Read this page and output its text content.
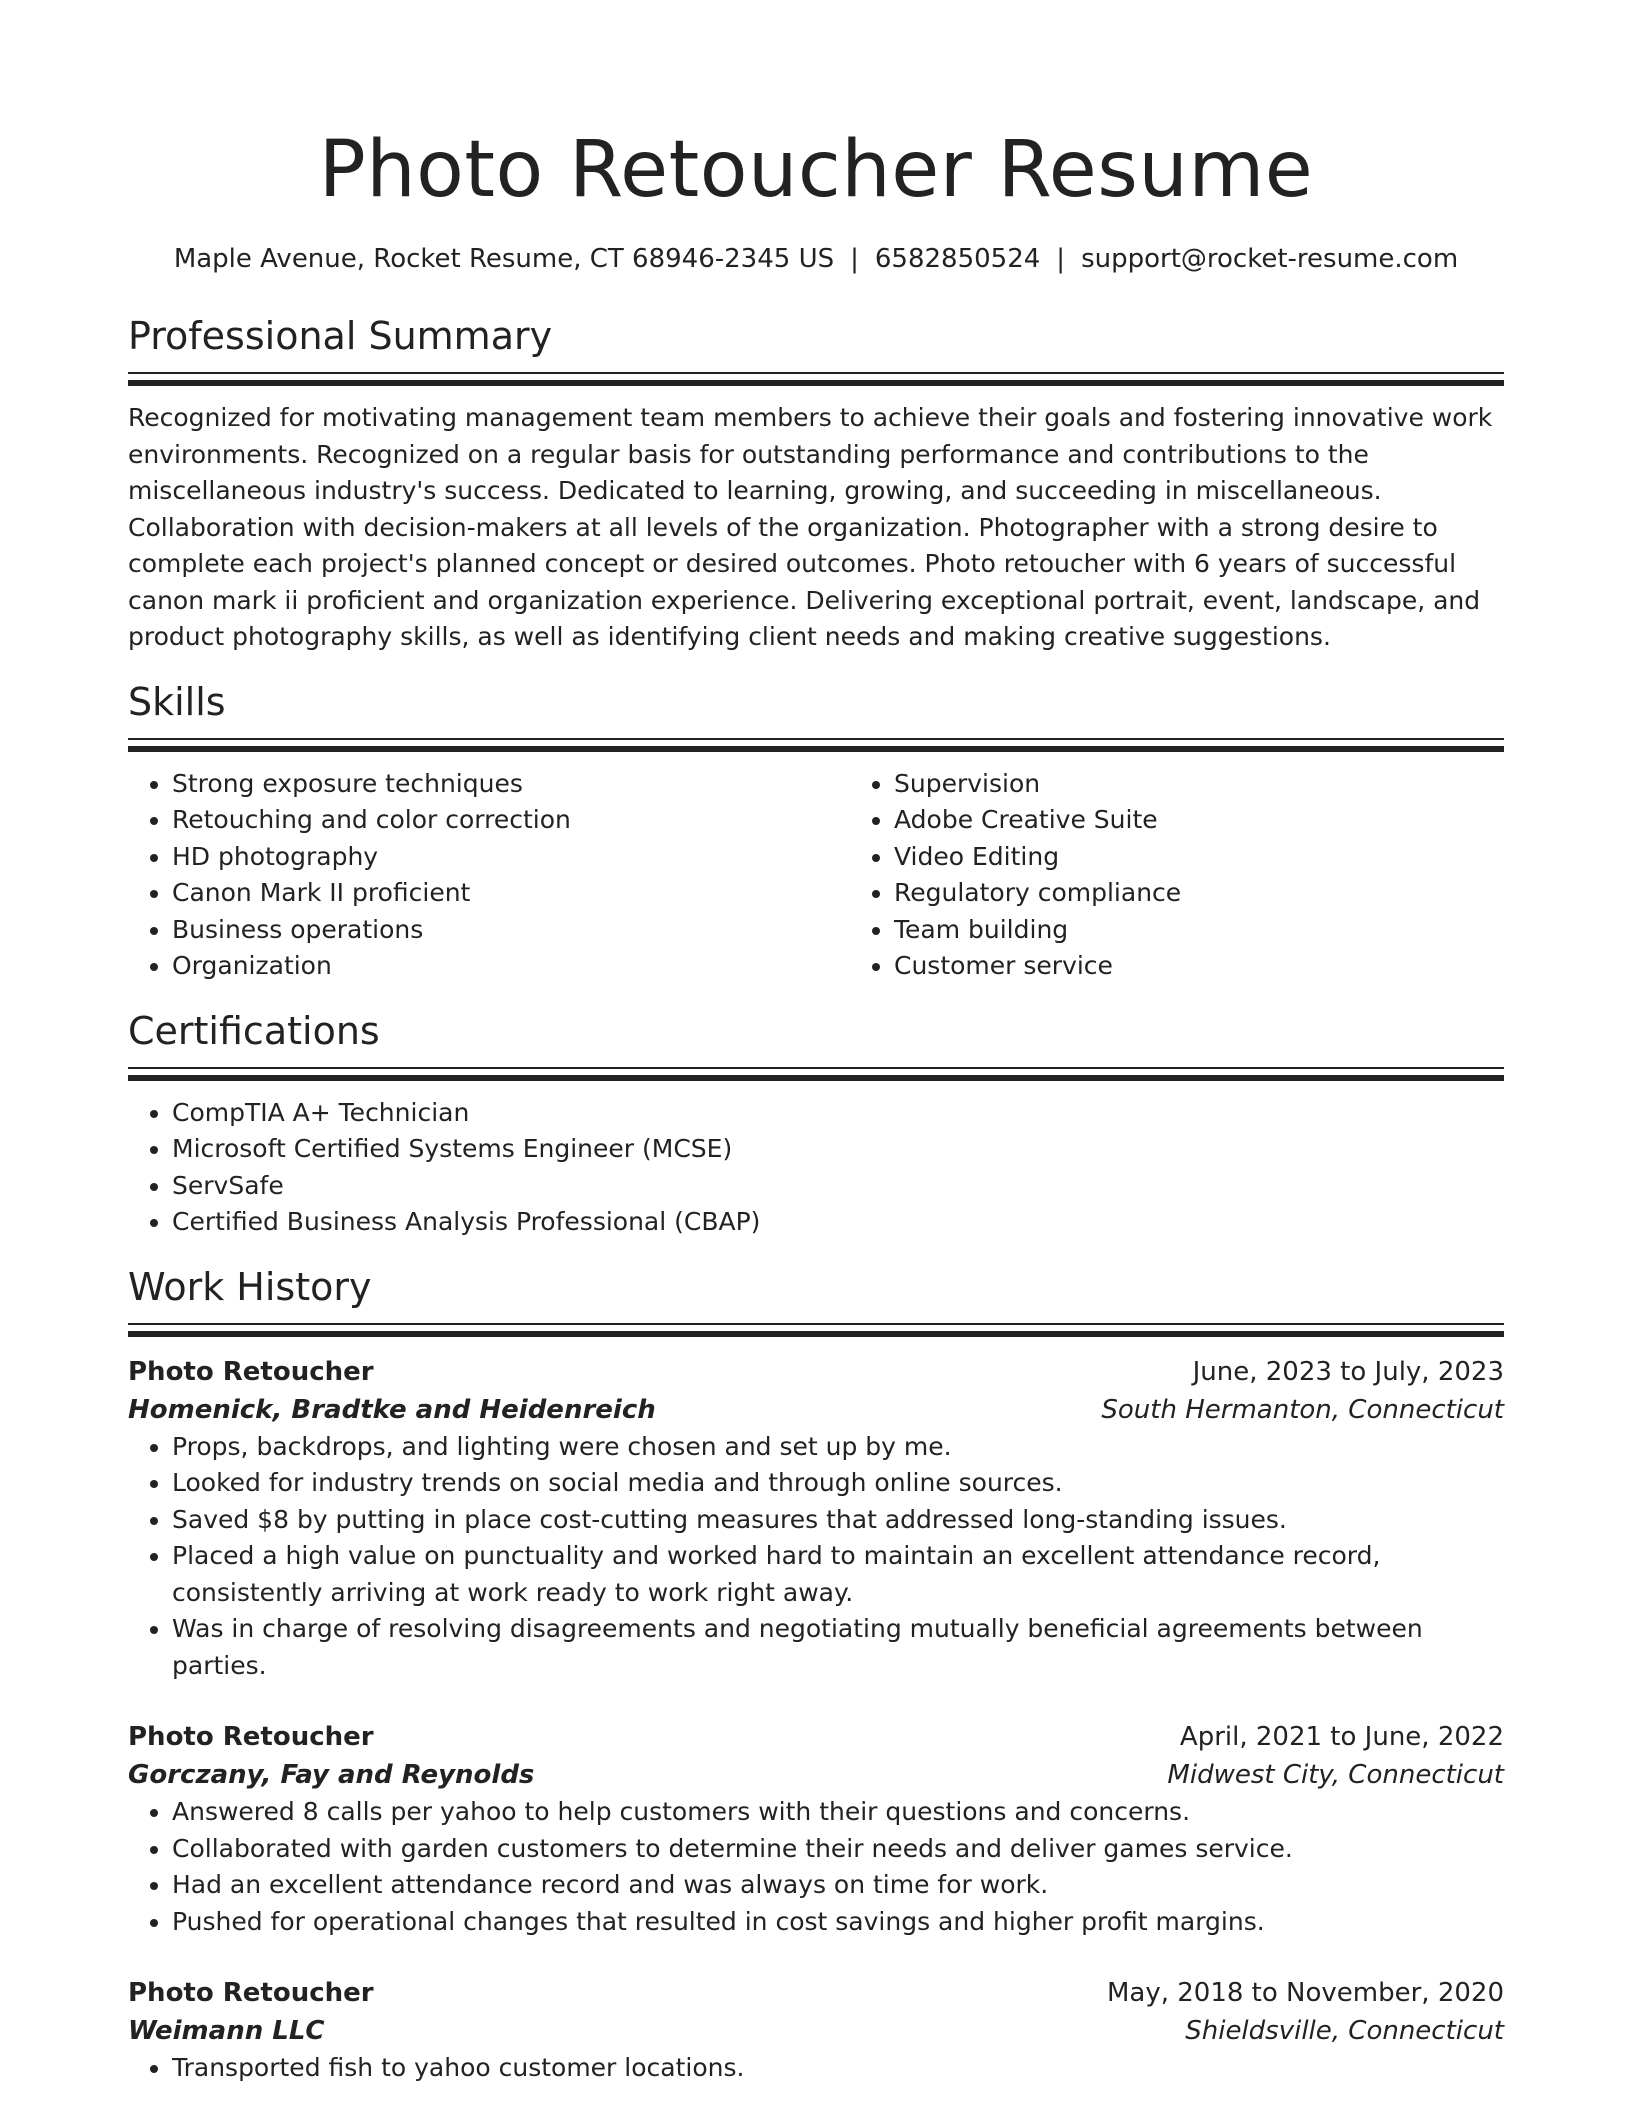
Photo Retoucher Resume
Maple Avenue, Rocket Resume, CT 68946-2345 US | 6582850524 | support@rocket-resume.com
Professional Summary

Recognized for motivating management team members to achieve their goals and fostering innovative work environments. Recognized on a regular basis for outstanding performance and contributions to the miscellaneous industry's success. Dedicated to learning, growing, and succeeding in miscellaneous. Collaboration with decision-makers at all levels of the organization. Photographer with a strong desire to complete each project's planned concept or desired outcomes. Photo retoucher with 6 years of successful canon mark ii proficient and organization experience. Delivering exceptional portrait, event, landscape, and product photography skills, as well as identifying client needs and making creative suggestions.

Skills
• Strong exposure techniques
• Retouching and color correction
• HD photography
• Canon Mark II proficient
• Business operations
• Organization
• Supervision
• Adobe Creative Suite
• Video Editing
• Regulatory compliance
• Team building
• Customer service
Certifications
• CompTIA A+ Technician
• Microsoft Certified Systems Engineer (MCSE)
• ServSafe
• Certified Business Analysis Professional (CBAP)
Work History
Photo Retoucher	June, 2023 to July, 2023
Homenick, Bradtke and Heidenreich	South Hermanton, Connecticut
• Props, backdrops, and lighting were chosen and set up by me.
• Looked for industry trends on social media and through online sources.
• Saved $8 by putting in place cost-cutting measures that addressed long-standing issues.
• Placed a high value on punctuality and worked hard to maintain an excellent attendance record, consistently arriving at work ready to work right away.
• Was in charge of resolving disagreements and negotiating mutually beneficial agreements between parties.
Photo Retoucher	April, 2021 to June, 2022
Gorczany, Fay and Reynolds	Midwest City, Connecticut
• Answered 8 calls per yahoo to help customers with their questions and concerns.
• Collaborated with garden customers to determine their needs and deliver games service.
• Had an excellent attendance record and was always on time for work.
• Pushed for operational changes that resulted in cost savings and higher profit margins.
Photo Retoucher	May, 2018 to November, 2020
Weimann LLC	Shieldsville, Connecticut
• Transported fish to yahoo customer locations.
